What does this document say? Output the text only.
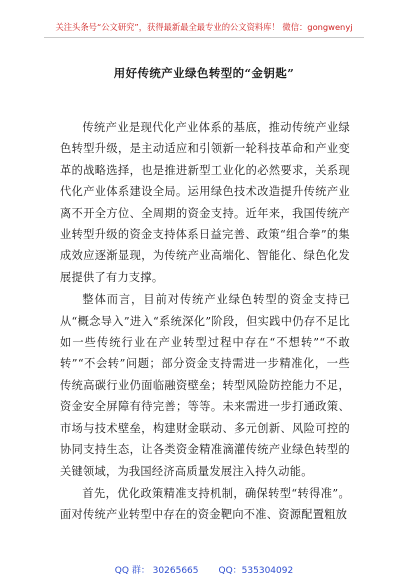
关注头条号“公文研究”，获得最新最全最专业的公文资料库！ 微信：gongwenyj
用好传统产业绿色转型的“金钥匙”

传统产业是现代化产业体系的基底，推动传统产业绿色转型升级，是主动适应和引领新一轮科技革命和产业变革的战略选择，也是推进新型工业化的必然要求，关系现代化产业体系建设全局。运用绿色技术改造提升传统产业离不开全方位、全周期的资金支持。近年来，我国传统产业转型升级的资金支持体系日益完善、政策“组合拳”的集成效应逐渐显现，为传统产业高端化、智能化、绿色化发展提供了有力支撑。

整体而言，目前对传统产业绿色转型的资金支持已从“概念导入”进入“系统深化”阶段，但实践中仍存不足比如一些传统行业在产业转型过程中存在“不想转”“不敢转”“不会转”问题；部分资金支持需进一步精准化，一些传统高碳行业仍面临融资壁垒；转型风险防控能力不足，资金安全屏障有待完善；等等。未来需进一步打通政策、市场与技术壁垒，构建财金联动、多元创新、风险可控的协同支持生态，让各类资金精准滴灌传统产业绿色转型的关键领域，为我国经济高质量发展注入持久动能。

首先，优化政策精准支持机制，确保转型“转得准”。面对传统产业转型中存在的资金靶向不准、资源配置粗放

QQ 群： 30265665 QQ：535304092
